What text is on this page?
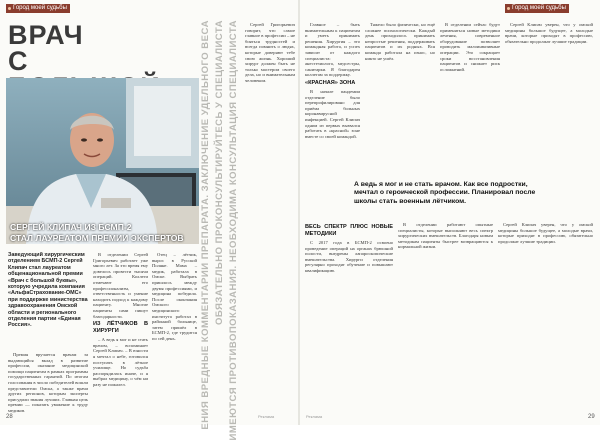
Город моей судьбы
ВРАЧ
С
СЕРГЕЙ КЛИПАЧ ИЗ БСМП-2
СТАЛ ЛАУРЕАТОМ ПРЕМИИ ЭКСПЕРТОВ	ЕНИЯ ВРЕДНЫЕ КОММЕНТАРИИ ПРЕПАРАТА. ЗАКЛЮЧЕНИЕ УДЕЛЬНОГО ВЕСА ОБЯЗАТЕЛЬНО ПРОКОНСУЛЬТИРУЙТЕСЬ У СПЕЦИАЛИСТА ИМЕЮТСЯ ПРОТИВОПОКАЗАНИЯ. НЕОБХОДИМА КОНСУЛЬТАЦИЯ СПЕЦИАЛИСТА
Заведующий хирургическим отделением БСМП-2 Сергей Клипач стал лауреатом общенациональной премии «Врач с большой буквы», которую учредила компания «АльфаСтрахование-ОМС» при поддержке министерства здравоохранения Омской области и регионального отделения партии «Единая Россия».

Премия вручается врачам за выдающийся вклад в развитие профессии, оказание медицинской помощи пациентам в рамках программы государственных гарантий. По итогам голосования в число победителей вошли представители Омска, а также врачи других регионов, которым эксперты присудили звания лучших. Главная цель премии — показать уважение к труду медиков.

В отделении Сергей Григорьевич работает уже много лет. За это время ему довелось провести тысячи операций. Коллеги отмечают его профессионализм, ответственность и умение находить подход к каждому пациенту. Многие пациенты сами пишут благодарности.

ИЗ ЛЁТЧИКОВ В ХИРУРГИ

– А ведь я мог и не стать врачом, – вспоминает Сергей Клипач. – В юности я мечтал о небе, готовился поступать в лётное училище. Но судьба распорядилась иначе, и я выбрал медицину, о чём ни разу не пожалел.

Отец – лётчик, вырос в Русской Поляне. Мама – медик, работала в Омске. Выбрать пришлось между двумя профессиями, и медицина победила. После окончания Омского медицинского института работал в районной больнице, затем пришёл в БСМП-2, где трудится по сей день.

Сергей Григорьевич говорит, что самое главное в профессии – не бояться трудностей и всегда помнить о людях, которые доверяют тебе свою жизнь. Хороший хирург должен быть не только мастером своего дела, но и внимательным человеком.

28	Реклама
Город моей судьбы

Главное – быть внимательным к пациентам и уметь принимать решения. Хирургия – это командная работа, и успех зависит от каждого специалиста: анестезиолога, медсестры, санитарки. Я благодарен коллегам за поддержку.

«КРАСНАЯ» ЗОНА

В начале пандемии отделение было перепрофилировано для приёма больных коронавирусной инфекцией. Сергей Клипач одним из первых вызвался работать в «красной» зоне вместе со своей командой.

Тяжело было физически, но ещё сложнее психологически. Каждый день приходилось принимать непростые решения, поддерживать пациентов и их родных. Вся команда работала на износ, но никто не ушёл.

В отделении сейчас будут применяться новые методики лечения, современное оборудование позволяет проводить малоинвазивные операции. Это сокращает сроки восстановления пациентов и снижает риск осложнений.

Сергей Клипач уверен, что у омской медицины большое будущее, а молодые врачи, которые приходят в профессию, обязательно продолжат лучшие традиции.

А ведь я мог и не стать врачом. Как все подростки, мечтал о героической профессии. Планировал после школы стать военным лётчиком.
ВЕСЬ СПЕКТР ПЛЮС НОВЫЕ МЕТОДИКИ

С 2017 года в БСМП-2 освоено проведение операций на органах брюшной полости, внедрены лапароскопические вмешательства. Хирурги отделения регулярно проходят обучение и повышают квалификацию.

В отделении работают опытные специалисты, которые выполняют весь спектр хирургических вмешательств. Благодаря новым методикам пациенты быстрее возвращаются к нормальной жизни.

Сергей Клипач уверен, что у омской медицины большое будущее, а молодые врачи, которые приходят в профессию, обязательно продолжат лучшие традиции.

29
Реклама
